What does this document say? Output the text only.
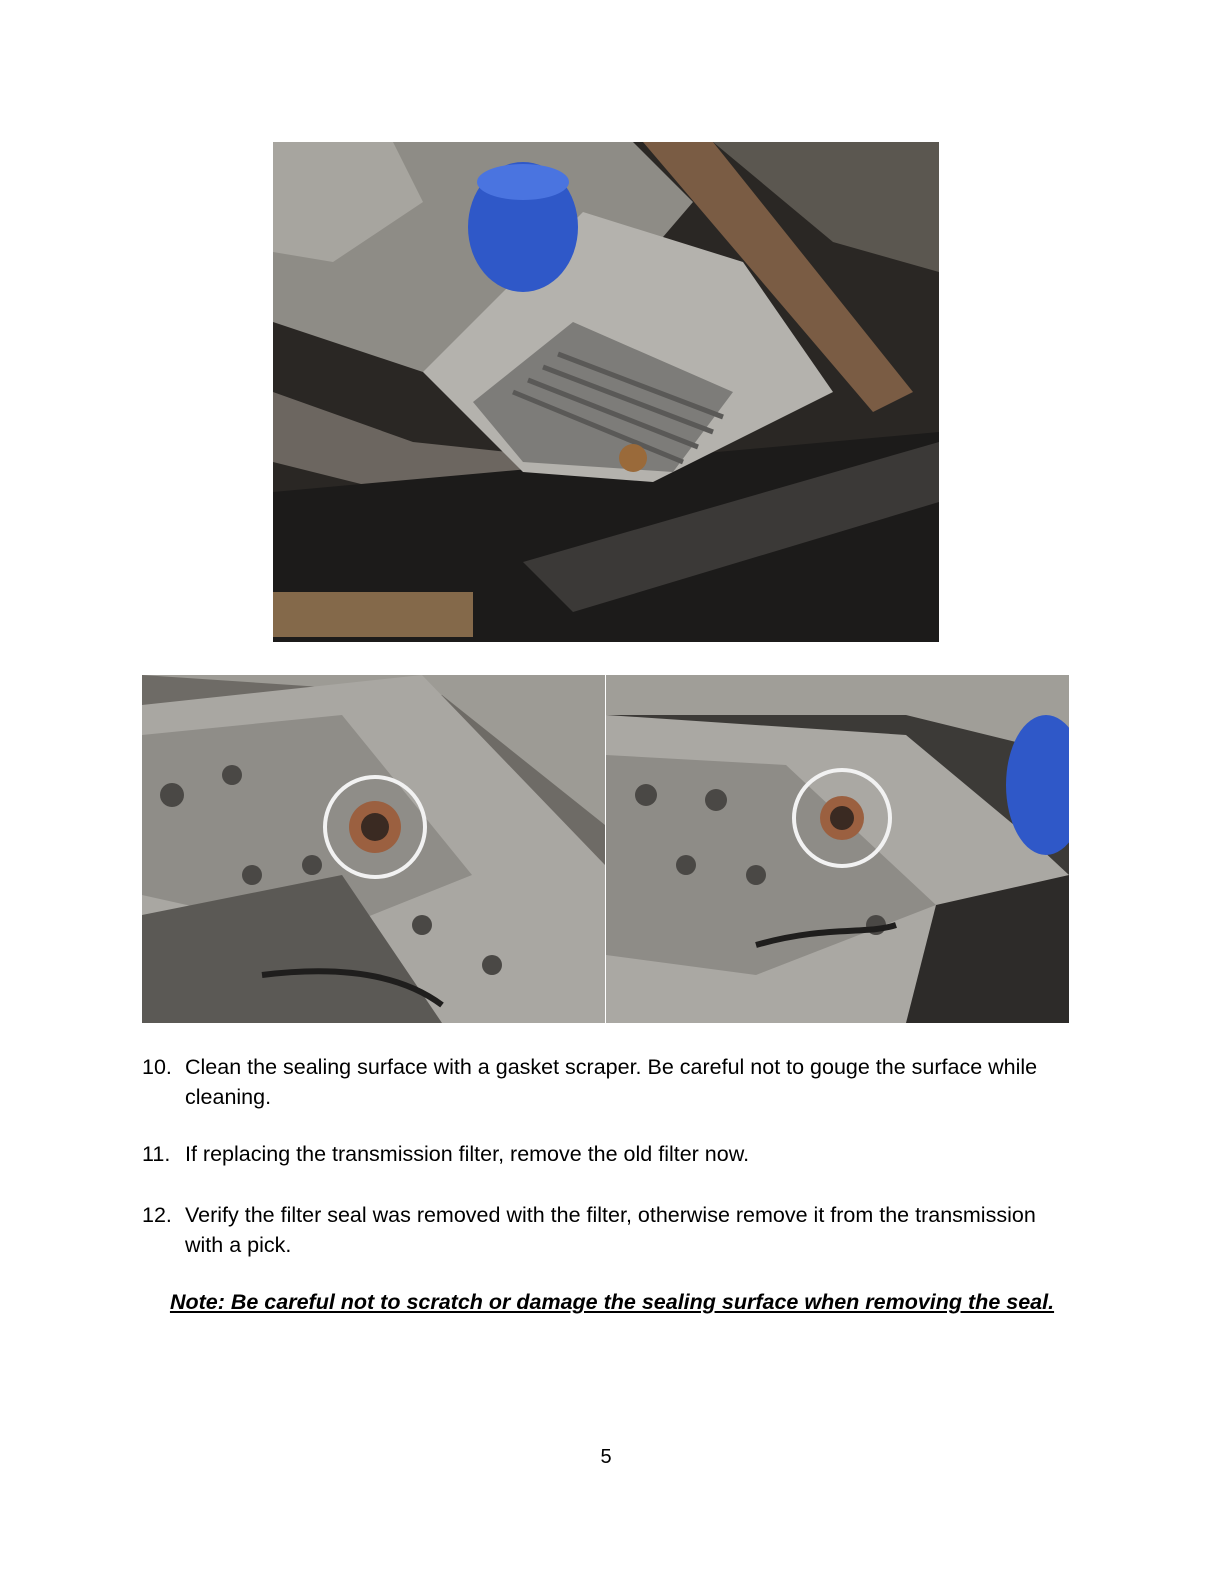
10. Clean the sealing surface with a gasket scraper. Be careful not to gouge the surface while cleaning.
11. If replacing the transmission filter, remove the old filter now.
12. Verify the filter seal was removed with the filter, otherwise remove it from the transmission with a pick.
Note: Be careful not to scratch or damage the sealing surface when removing the seal.
5
